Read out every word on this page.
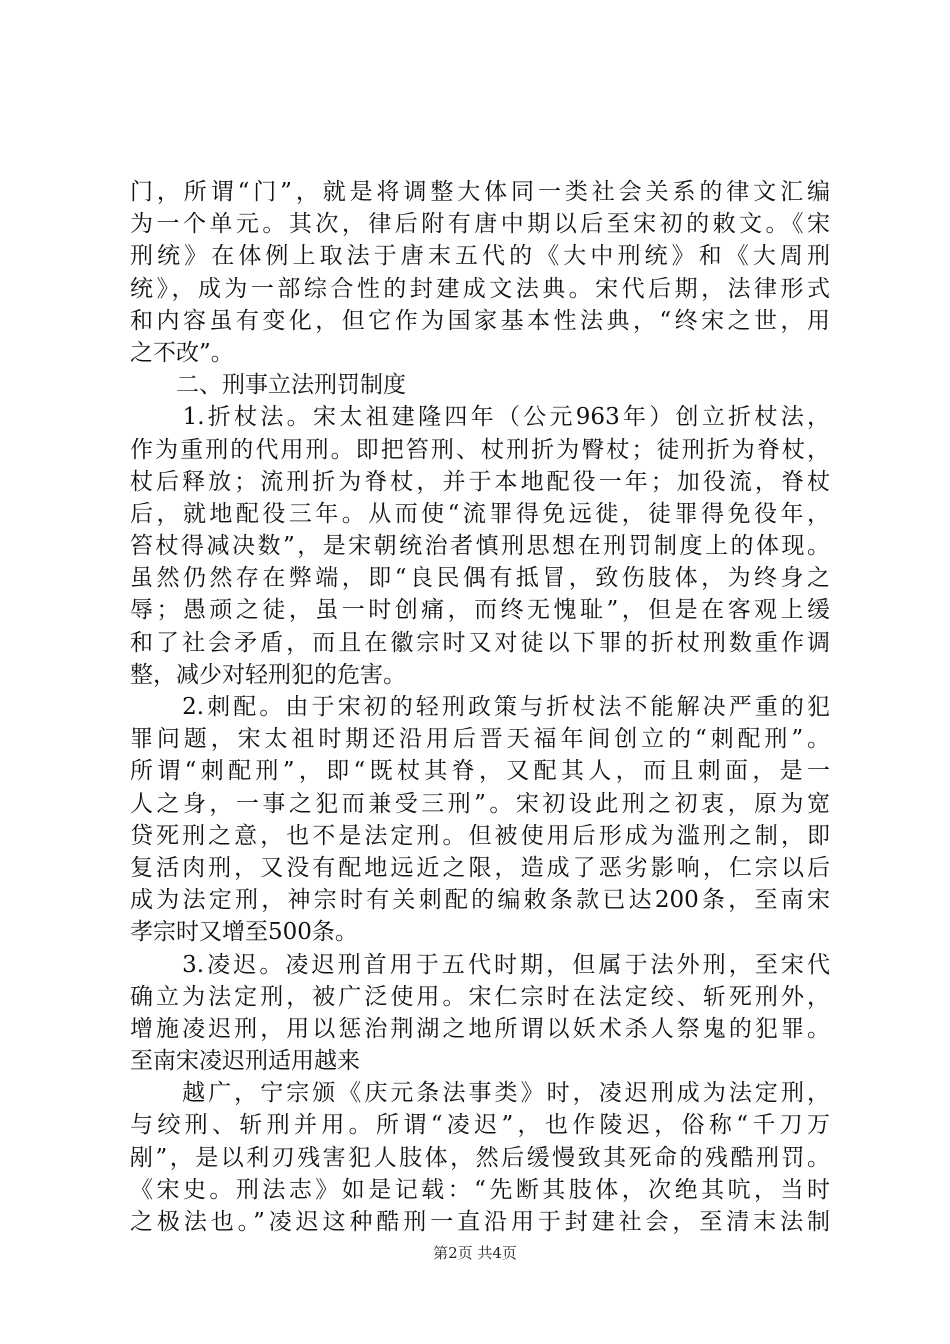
门，所谓“门”，就是将调整大体同一类社会关系的律文汇编
为一个单元。其次，律后附有唐中期以后至宋初的敕文。《宋
刑统》在体例上取法于唐末五代的《大中刑统》和《大周刑
统》，成为一部综合性的封建成文法典。宋代后期，法律形式
和内容虽有变化，但它作为国家基本性法典，“终宋之世，用
之不改”。
　　二、刑事立法刑罚制度
　　1.折杖法。宋太祖建隆四年（公元963年）创立折杖法，
作为重刑的代用刑。即把笞刑、杖刑折为臀杖；徒刑折为脊杖，
杖后释放；流刑折为脊杖，并于本地配役一年；加役流，脊杖
后，就地配役三年。从而使“流罪得免远徙，徒罪得免役年，
笞杖得减决数”，是宋朝统治者慎刑思想在刑罚制度上的体现。
虽然仍然存在弊端，即“良民偶有抵冒，致伤肢体，为终身之
辱；愚顽之徒，虽一时创痛，而终无愧耻”，但是在客观上缓
和了社会矛盾，而且在徽宗时又对徒以下罪的折杖刑数重作调
整，减少对轻刑犯的危害。
　　2.刺配。由于宋初的轻刑政策与折杖法不能解决严重的犯
罪问题，宋太祖时期还沿用后晋天福年间创立的“刺配刑”。
所谓“刺配刑”，即“既杖其脊，又配其人，而且刺面，是一
人之身，一事之犯而兼受三刑”。宋初设此刑之初衷，原为宽
贷死刑之意，也不是法定刑。但被使用后形成为滥刑之制，即
复活肉刑，又没有配地远近之限，造成了恶劣影响，仁宗以后
成为法定刑，神宗时有关刺配的编敕条款已达200条，至南宋
孝宗时又增至500条。
　　3.凌迟。凌迟刑首用于五代时期，但属于法外刑，至宋代
确立为法定刑，被广泛使用。宋仁宗时在法定绞、斩死刑外，
增施凌迟刑，用以惩治荆湖之地所谓以妖术杀人祭鬼的犯罪。
至南宋凌迟刑适用越来
　　越广，宁宗颁《庆元条法事类》时，凌迟刑成为法定刑，
与绞刑、斩刑并用。所谓“凌迟”，也作陵迟，俗称“千刀万
剐”，是以利刃残害犯人肢体，然后缓慢致其死命的残酷刑罚。
《宋史。刑法志》如是记载：“先断其肢体，次绝其吭，当时
之极法也。”凌迟这种酷刑一直沿用于封建社会，至清末法制
第2页 共4页
